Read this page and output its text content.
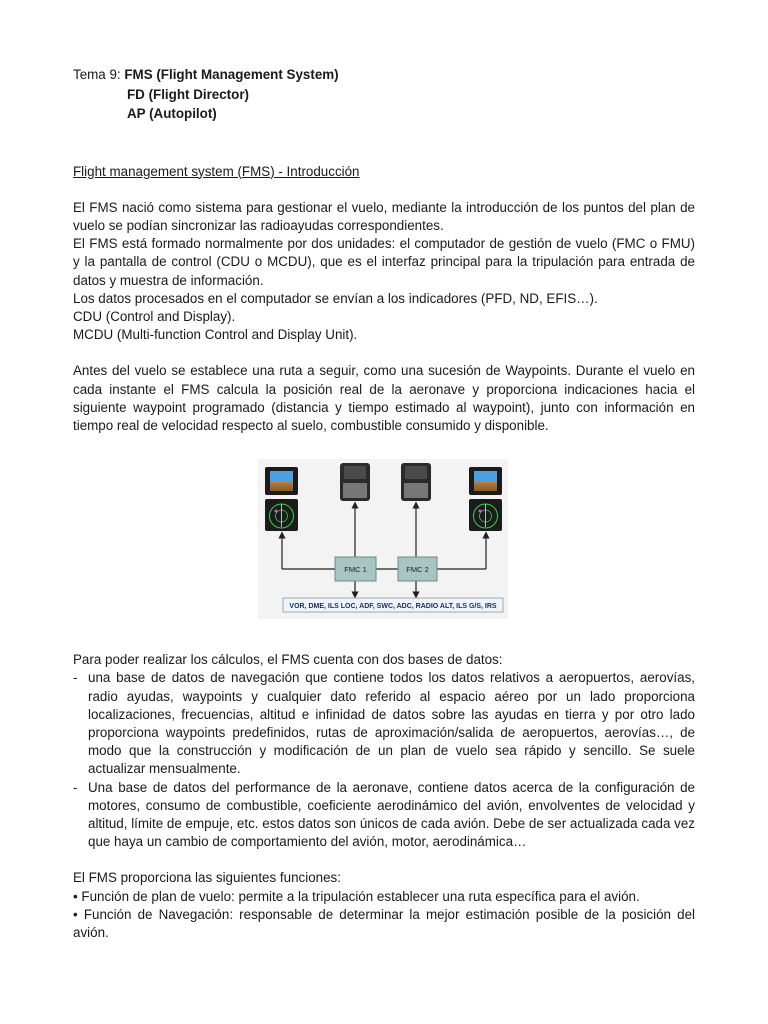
Tema 9: FMS (Flight Management System)
FD (Flight Director)
AP (Autopilot)
Flight management system (FMS) - Introducción

El FMS nació como sistema para gestionar el vuelo, mediante la introducción de los puntos del plan de vuelo se podían sincronizar las radioayudas correspondientes.

El FMS está formado normalmente por dos unidades: el computador de gestión de vuelo (FMC o FMU) y la pantalla de control (CDU o MCDU), que es el interfaz principal para la tripulación para entrada de datos y muestra de información.

Los datos procesados en el computador se envían a los indicadores (PFD, ND, EFIS…).

CDU (Control and Display).

MCDU (Multi-function Control and Display Unit).

Antes del vuelo se establece una ruta a seguir, como una sucesión de Waypoints. Durante el vuelo en cada instante el FMS calcula la posición real de la aeronave y proporciona indicaciones hacia el siguiente waypoint programado (distancia y tiempo estimado al waypoint), junto con información en tiempo real de velocidad respecto al suelo, combustible consumido y disponible.

FMC 1	FMC 2
VOR, DME, ILS LOC, ADF, SWC, ADC, RADIO ALT, ILS G/S, IRS

Para poder realizar los cálculos, el FMS cuenta con dos bases de datos:

- una base de datos de navegación que contiene todos los datos relativos a aeropuertos, aerovías, radio ayudas, waypoints y cualquier dato referido al espacio aéreo por un lado proporciona localizaciones, frecuencias, altitud e infinidad de datos sobre las ayudas en tierra y por otro lado proporciona waypoints predefinidos, rutas de aproximación/salida de aeropuertos, aerovías…, de modo que la construcción y modificación de un plan de vuelo sea rápido y sencillo. Se suele actualizar mensualmente.
- Una base de datos del performance de la aeronave, contiene datos acerca de la configuración de motores, consumo de combustible, coeficiente aerodinámico del avión, envolventes de velocidad y altitud, límite de empuje, etc. estos datos son únicos de cada avión. Debe de ser actualizada cada vez que haya un cambio de comportamiento del avión, motor, aerodinámica…

El FMS proporciona las siguientes funciones:

• Función de plan de vuelo: permite a la tripulación establecer una ruta específica para el avión.

• Función de Navegación: responsable de determinar la mejor estimación posible de la posición del avión.
